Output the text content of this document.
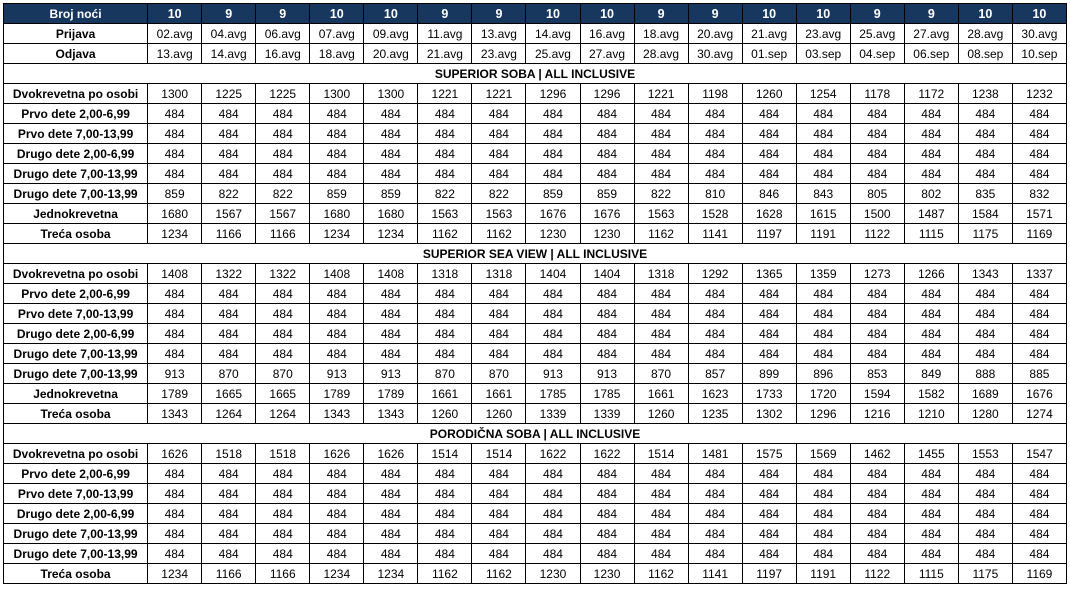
Broj noći	10	9	9	10	10	9	9	10	10	9	9	10	10	9	9	10	10
Prijava	02.avg	04.avg	06.avg	07.avg	09.avg	11.avg	13.avg	14.avg	16.avg	18.avg	20.avg	21.avg	23.avg	25.avg	27.avg	28.avg	30.avg
Odjava	13.avg	14.avg	16.avg	18.avg	20.avg	21.avg	23.avg	25.avg	27.avg	28.avg	30.avg	01.sep	03.sep	04.sep	06.sep	08.sep	10.sep
SUPERIOR SOBA | ALL INCLUSIVE																	
Dvokrevetna po osobi	1300	1225	1225	1300	1300	1221	1221	1296	1296	1221	1198	1260	1254	1178	1172	1238	1232
Prvo dete 2,00-6,99	484	484	484	484	484	484	484	484	484	484	484	484	484	484	484	484	484
Prvo dete 7,00-13,99	484	484	484	484	484	484	484	484	484	484	484	484	484	484	484	484	484
Drugo dete 2,00-6,99	484	484	484	484	484	484	484	484	484	484	484	484	484	484	484	484	484
Drugo dete 7,00-13,99	484	484	484	484	484	484	484	484	484	484	484	484	484	484	484	484	484
Drugo dete 7,00-13,99	859	822	822	859	859	822	822	859	859	822	810	846	843	805	802	835	832
Jednokrevetna	1680	1567	1567	1680	1680	1563	1563	1676	1676	1563	1528	1628	1615	1500	1487	1584	1571
Treća osoba	1234	1166	1166	1234	1234	1162	1162	1230	1230	1162	1141	1197	1191	1122	1115	1175	1169
SUPERIOR SEA VIEW | ALL INCLUSIVE																	
Dvokrevetna po osobi	1408	1322	1322	1408	1408	1318	1318	1404	1404	1318	1292	1365	1359	1273	1266	1343	1337
Prvo dete 2,00-6,99	484	484	484	484	484	484	484	484	484	484	484	484	484	484	484	484	484
Prvo dete 7,00-13,99	484	484	484	484	484	484	484	484	484	484	484	484	484	484	484	484	484
Drugo dete 2,00-6,99	484	484	484	484	484	484	484	484	484	484	484	484	484	484	484	484	484
Drugo dete 7,00-13,99	484	484	484	484	484	484	484	484	484	484	484	484	484	484	484	484	484
Drugo dete 7,00-13,99	913	870	870	913	913	870	870	913	913	870	857	899	896	853	849	888	885
Jednokrevetna	1789	1665	1665	1789	1789	1661	1661	1785	1785	1661	1623	1733	1720	1594	1582	1689	1676
Treća osoba	1343	1264	1264	1343	1343	1260	1260	1339	1339	1260	1235	1302	1296	1216	1210	1280	1274
PORODIČNA SOBA | ALL INCLUSIVE																	
Dvokrevetna po osobi	1626	1518	1518	1626	1626	1514	1514	1622	1622	1514	1481	1575	1569	1462	1455	1553	1547
Prvo dete 2,00-6,99	484	484	484	484	484	484	484	484	484	484	484	484	484	484	484	484	484
Prvo dete 7,00-13,99	484	484	484	484	484	484	484	484	484	484	484	484	484	484	484	484	484
Drugo dete 2,00-6,99	484	484	484	484	484	484	484	484	484	484	484	484	484	484	484	484	484
Drugo dete 7,00-13,99	484	484	484	484	484	484	484	484	484	484	484	484	484	484	484	484	484
Drugo dete 7,00-13,99	484	484	484	484	484	484	484	484	484	484	484	484	484	484	484	484	484
Treća osoba	1234	1166	1166	1234	1234	1162	1162	1230	1230	1162	1141	1197	1191	1122	1115	1175	1169
